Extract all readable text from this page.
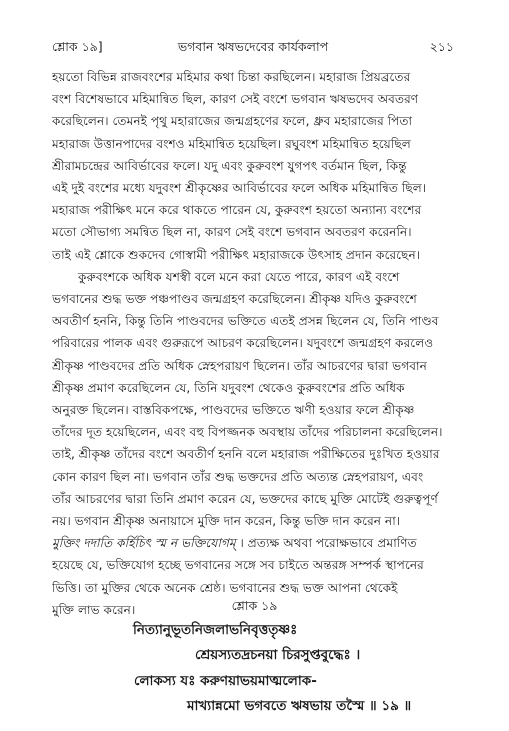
শ্লোক ১৯]	ভগবান ঋষভদেবের কার্যকলাপ	২১১

হয়তো বিভিন্ন রাজবংশের মহিমার কথা চিন্তা করছিলেন। মহারাজ প্রিয়ব্রতের
বংশ বিশেষভাবে মহিমান্বিত ছিল, কারণ সেই বংশে ভগবান ঋষভদেব অবতরণ
করেছিলেন। তেমনই পৃথু মহারাজের জন্মগ্রহণের ফলে, ধ্রুব মহারাজের পিতা
মহারাজ উত্তানপাদের বংশও মহিমান্বিত হয়েছিল। রঘুবংশ মহিমান্বিত হয়েছিল
শ্রীরামচন্দ্রের আবির্ভাবের ফলে। যদু এবং কুরুবংশ যুগপৎ বর্তমান ছিল, কিন্তু
এই দুই বংশের মধ্যে যদুবংশ শ্রীকৃষ্ণের আবির্ভাবের ফলে অধিক মহিমান্বিত ছিল।
মহারাজ পরীক্ষিৎ মনে করে থাকতে পারেন যে, কুরুবংশ হয়তো অন্যান্য বংশের
মতো সৌভাগ্য সমন্বিত ছিল না, কারণ সেই বংশে ভগবান অবতরণ করেননি।
তাই এই শ্লোকে শুকদেব গোস্বামী পরীক্ষিৎ মহারাজকে উৎসাহ প্রদান করেছেন।

কুরুবংশকে অধিক যশস্বী বলে মনে করা যেতে পারে, কারণ এই বংশে
ভগবানের শুদ্ধ ভক্ত পঞ্চপাণ্ডব জন্মগ্রহণ করেছিলেন। শ্রীকৃষ্ণ যদিও কুরুবংশে
অবতীর্ণ হননি, কিন্তু তিনি পাণ্ডবদের ভক্তিতে এতই প্রসন্ন ছিলেন যে, তিনি পাণ্ডব
পরিবারের পালক এবং গুরুরূপে আচরণ করেছিলেন। যদুবংশে জন্মগ্রহণ করলেও
শ্রীকৃষ্ণ পাণ্ডবদের প্রতি অধিক স্নেহপরায়ণ ছিলেন। তাঁর আচরণের দ্বারা ভগবান
শ্রীকৃষ্ণ প্রমাণ করেছিলেন যে, তিনি যদুবংশ থেকেও কুরুবংশের প্রতি অধিক
অনুরক্ত ছিলেন। বাস্তবিকপক্ষে, পাণ্ডবদের ভক্তিতে ঋণী হওয়ার ফলে শ্রীকৃষ্ণ
তাঁদের দূত হয়েছিলেন, এবং বহু বিপজ্জনক অবস্থায় তাঁদের পরিচালনা করেছিলেন।
তাই, শ্রীকৃষ্ণ তাঁদের বংশে অবতীর্ণ হননি বলে মহারাজ পরীক্ষিতের দুঃখিত হওয়ার
কোন কারণ ছিল না। ভগবান তাঁর শুদ্ধ ভক্তদের প্রতি অত্যন্ত স্নেহপরায়ণ, এবং
তাঁর আচরণের দ্বারা তিনি প্রমাণ করেন যে, ভক্তদের কাছে মুক্তি মোটেই গুরুত্বপূর্ণ
নয়। ভগবান শ্রীকৃষ্ণ অনায়াসে মুক্তি দান করেন, কিন্তু ভক্তি দান করেন না।
মুক্তিং দদাতি কর্হিচিৎ স্ম ন ভক্তিযোগম্ । প্রত্যক্ষ অথবা পরোক্ষভাবে প্রমাণিত
হয়েছে যে, ভক্তিযোগ হচ্ছে ভগবানের সঙ্গে সব চাইতে অন্তরঙ্গ সম্পর্ক স্থাপনের
ভিত্তি। তা মুক্তির থেকে অনেক শ্রেষ্ঠ। ভগবানের শুদ্ধ ভক্ত আপনা থেকেই
মুক্তি লাভ করেন।	শ্লোক ১৯
নিত্যানুভূতনিজলাভনিবৃত্ততৃষ্ণঃ
শ্রেয়স্যতদ্রচনয়া চিরসুপ্তবুদ্ধেঃ ।
লোকস্য যঃ করুণয়াভয়মাত্মলোক-
মাখ্যান্নমো ভগবতে ঋষভায় তস্মৈ ॥ ১৯ ॥
